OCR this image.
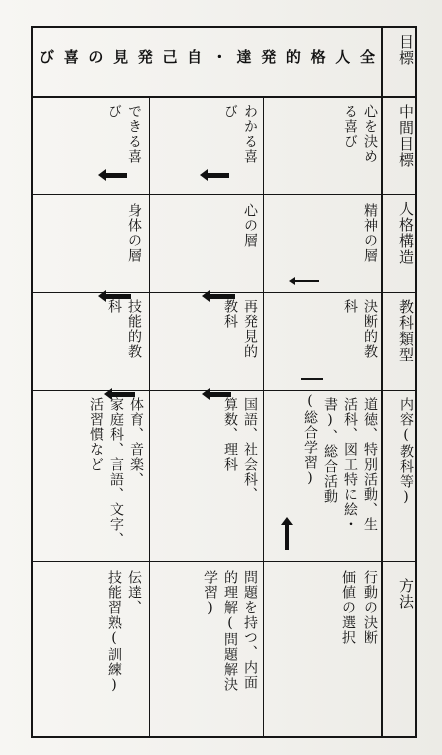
目標
中間目標
人格構造
教科類型
内容(教科等)
方法
び 喜 の 見 発 己 自 ・ 達 発 的 格 人 全
心を決め
る喜び
精神の層
決断的教
科
道徳、特別活動、生
活科、図工特に絵・
書)、総合活動
(総合学習)
行動の決断
価値の選択
わかる喜
び
心の層
再発見的
教科
国語、社会科、
算数、理科
問題を持つ、内面
的理解(問題解決
学習)
できる喜
び
身体の層
技能的教
科
体育、音楽、
家庭科、言語、文字、
活習慣など
伝達、
技能習熟(訓練)
